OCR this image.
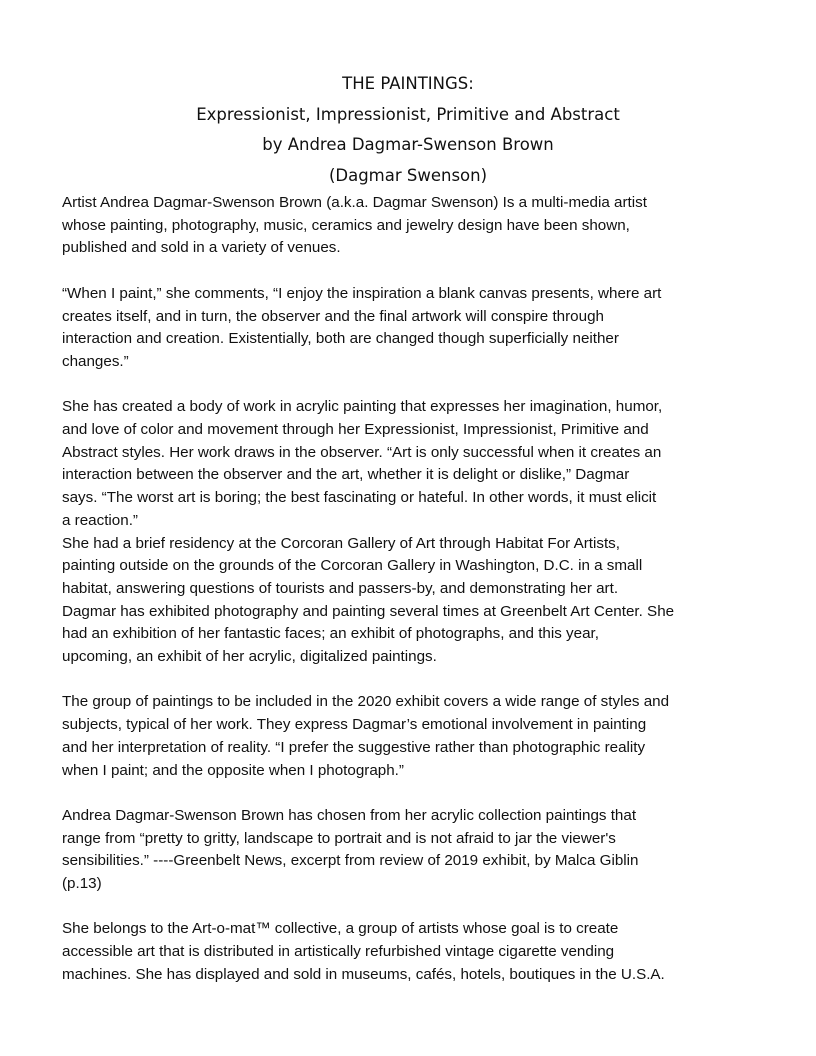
THE PAINTINGS:
Expressionist, Impressionist, Primitive and Abstract
by Andrea Dagmar-Swenson Brown
(Dagmar Swenson)

Artist Andrea Dagmar-Swenson Brown (a.k.a. Dagmar Swenson) Is a multi-media artist
whose painting, photography, music, ceramics and jewelry design have been shown,
published and sold in a variety of venues.

“When I paint,” she comments, “I enjoy the inspiration a blank canvas presents, where art
creates itself, and in turn, the observer and the final artwork will conspire through
interaction and creation. Existentially, both are changed though superficially neither
changes.”

She has created a body of work in acrylic painting that expresses her imagination, humor,
and love of color and movement through her Expressionist, Impressionist, Primitive and
Abstract styles. Her work draws in the observer. “Art is only successful when it creates an
interaction between the observer and the art, whether it is delight or dislike,” Dagmar
says. “The worst art is boring; the best fascinating or hateful. In other words, it must elicit
a reaction.”

She had a brief residency at the Corcoran Gallery of Art through Habitat For Artists,
painting outside on the grounds of the Corcoran Gallery in Washington, D.C. in a small
habitat, answering questions of tourists and passers-by, and demonstrating her art.
Dagmar has exhibited photography and painting several times at Greenbelt Art Center. She
had an exhibition of her fantastic faces; an exhibit of photographs, and this year,
upcoming, an exhibit of her acrylic, digitalized paintings.

The group of paintings to be included in the 2020 exhibit covers a wide range of styles and
subjects, typical of her work. They express Dagmar’s emotional involvement in painting
and her interpretation of reality. “I prefer the suggestive rather than photographic reality
when I paint; and the opposite when I photograph.”

Andrea Dagmar-Swenson Brown has chosen from her acrylic collection paintings that
range from “pretty to gritty, landscape to portrait and is not afraid to jar the viewer's
sensibilities.” ----Greenbelt News, excerpt from review of 2019 exhibit, by Malca Giblin
(p.13)

She belongs to the Art-o-mat™ collective, a group of artists whose goal is to create
accessible art that is distributed in artistically refurbished vintage cigarette vending
machines. She has displayed and sold in museums, cafés, hotels, boutiques in the U.S.A.
